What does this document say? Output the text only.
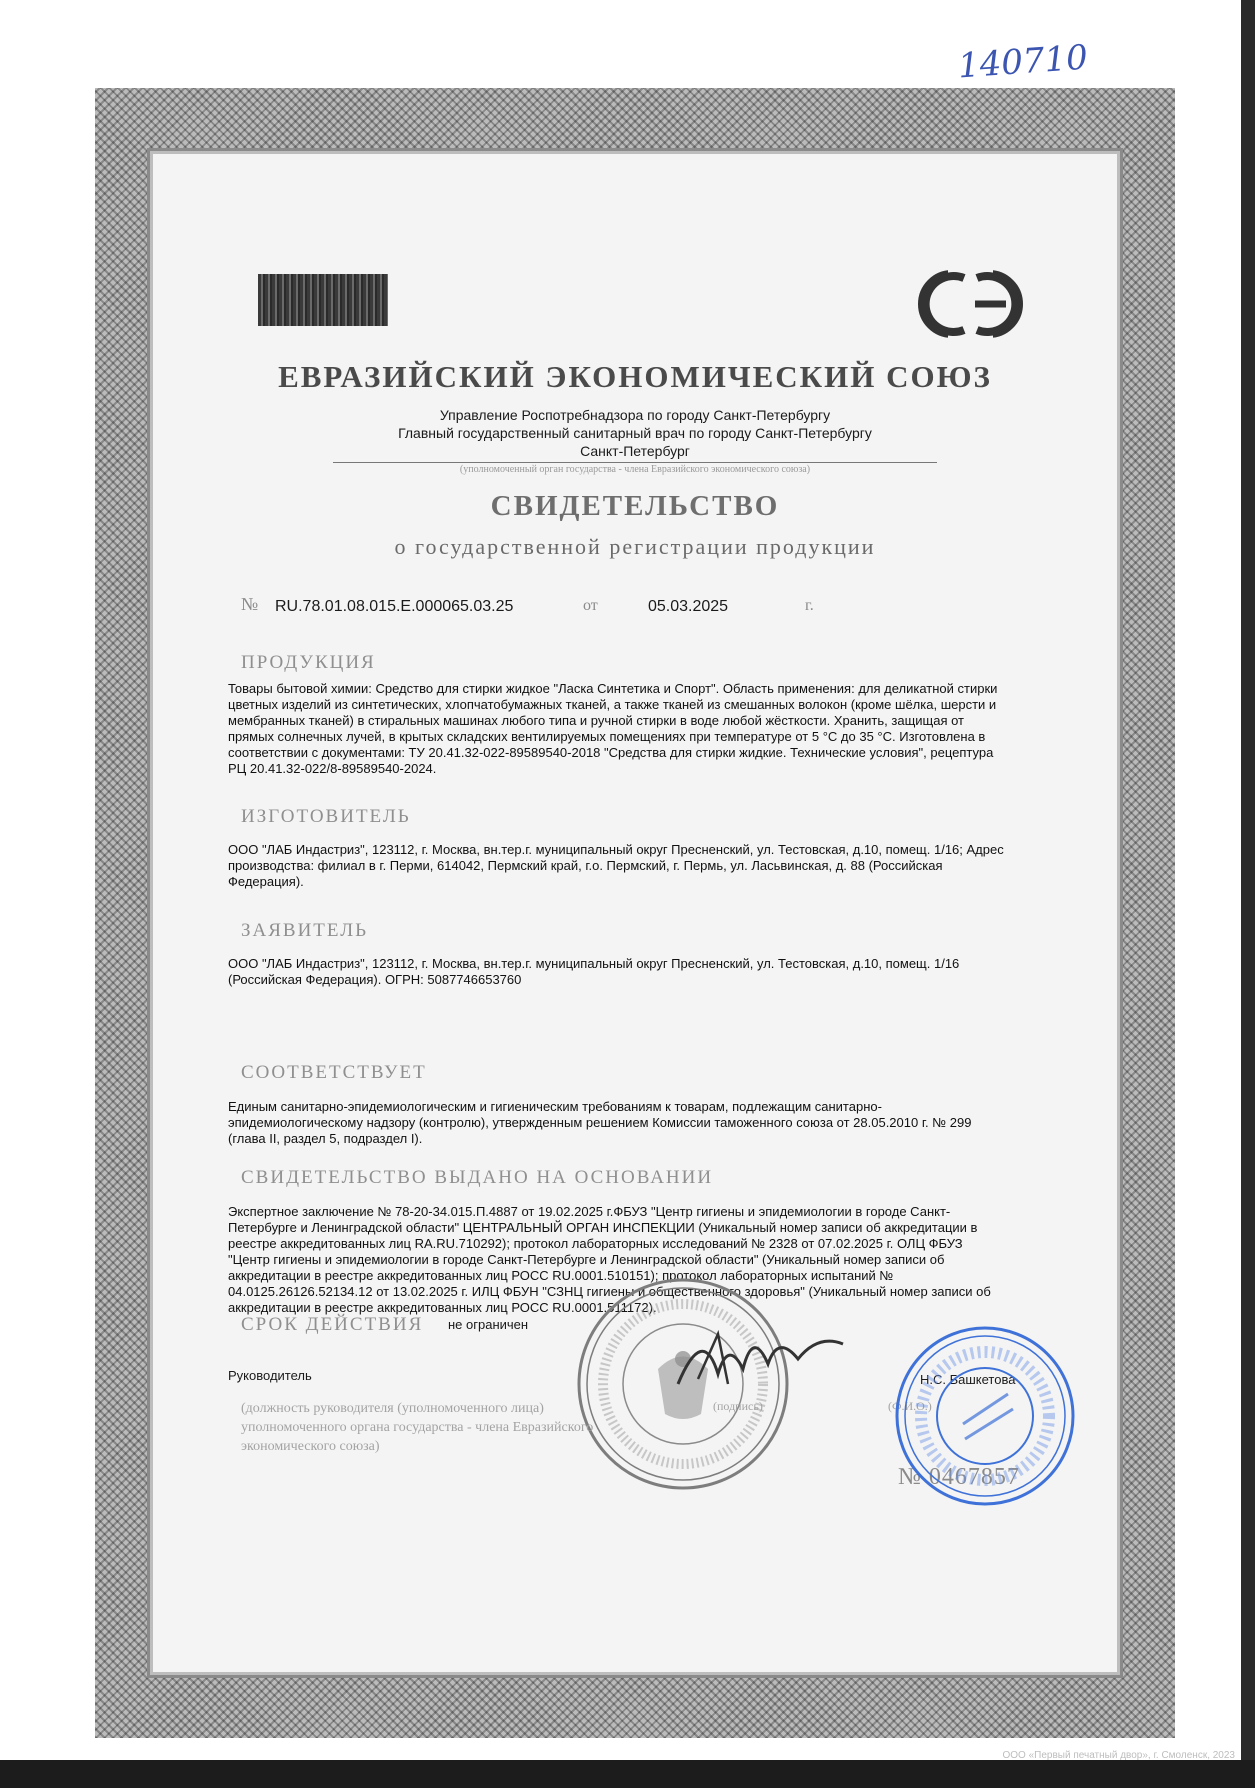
140710
ЕВРАЗИЙСКИЙ ЭКОНОМИЧЕСКИЙ СОЮЗ
Управление Роспотребнадзора по городу Санкт-Петербургу
Главный государственный санитарный врач по городу Санкт-Петербургу
Санкт-Петербург
(уполномоченный орган государства - члена Евразийского экономического союза)
СВИДЕТЕЛЬСТВО
о государственной регистрации продукции
№ RU.78.01.08.015.E.000065.03.25	от	05.03.2025	г.
ПРОДУКЦИЯ
Товары бытовой химии: Средство для стирки жидкое "Ласка Синтетика и Спорт". Область применения: для деликатной стирки цветных изделий из синтетических, хлопчатобумажных тканей, а также тканей из смешанных волокон (кроме шёлка, шерсти и мембранных тканей) в стиральных машинах любого типа и ручной стирки в воде любой жёсткости. Хранить, защищая от прямых солнечных лучей, в крытых складских вентилируемых помещениях при температуре от 5 °С до 35 °С. Изготовлена в соответствии с документами: ТУ 20.41.32-022-89589540-2018 "Средства для стирки жидкие. Технические условия", рецептура РЦ 20.41.32-022/8-89589540-2024.
ИЗГОТОВИТЕЛЬ
ООО "ЛАБ Индастриз", 123112, г. Москва, вн.тер.г. муниципальный округ Пресненский, ул. Тестовская, д.10, помещ. 1/16; Адрес производства: филиал в г. Перми, 614042, Пермский край, г.о. Пермский, г. Пермь, ул. Ласьвинская, д. 88 (Российская Федерация).
ЗАЯВИТЕЛЬ
ООО "ЛАБ Индастриз", 123112, г. Москва, вн.тер.г. муниципальный округ Пресненский, ул. Тестовская, д.10, помещ. 1/16 (Российская Федерация). ОГРН: 5087746653760
СООТВЕТСТВУЕТ
Единым санитарно-эпидемиологическим и гигиеническим требованиям к товарам, подлежащим санитарно-эпидемиологическому надзору (контролю), утвержденным решением Комиссии таможенного союза от 28.05.2010 г. № 299 (глава II, раздел 5, подраздел I).
СВИДЕТЕЛЬСТВО ВЫДАНО НА ОСНОВАНИИ
Экспертное заключение № 78-20-34.015.П.4887 от 19.02.2025 г.ФБУЗ "Центр гигиены и эпидемиологии в городе Санкт-Петербурге и Ленинградской области" ЦЕНТРАЛЬНЫЙ ОРГАН ИНСПЕКЦИИ (Уникальный номер записи об аккредитации в реестре аккредитованных лиц RA.RU.710292); протокол лабораторных исследований № 2328 от 07.02.2025 г. ОЛЦ ФБУЗ "Центр гигиены и эпидемиологии в городе Санкт-Петербурге и Ленинградской области" (Уникальный номер записи об аккредитации в реестре аккредитованных лиц РОСС RU.0001.510151); протокол лабораторных испытаний № 04.0125.26126.52134.12 от 13.02.2025 г. ИЛЦ ФБУН "СЗНЦ гигиены и общественного здоровья" (Уникальный номер записи об аккредитации в реестре аккредитованных лиц РОСС RU.0001.511172).
СРОК ДЕЙСТВИЯ не ограничен
Руководитель	Н.С. Башкетова
(должность руководителя (уполномоченного лица) уполномоченного органа государства - члена Евразийского экономического союза)
(подпись)	(Ф.И.О.)
№ 0467857
ООО «Первый печатный двор», г. Смоленск, 2023
